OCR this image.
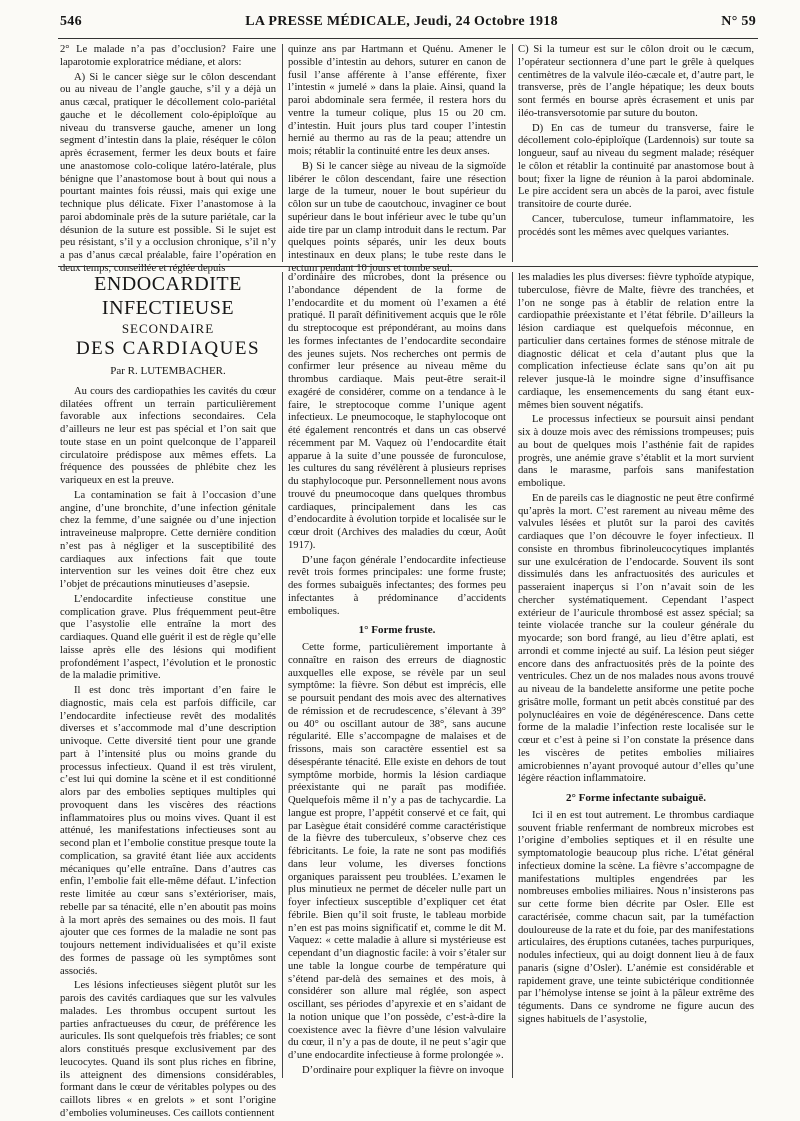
546	LA PRESSE MÉDICALE, Jeudi, 24 Octobre 1918	N° 59

2° Le malade n’a pas d’occlusion? Faire une laparotomie exploratrice médiane, et alors:

A) Si le cancer siège sur le côlon descendant ou au niveau de l’angle gauche, s’il y a déjà un anus cæcal, pratiquer le décollement colo-pariétal gauche et le décollement colo-épiploïque au niveau du transverse gauche, amener un long segment d’intestin dans la plaie, réséquer le côlon après écrasement, fermer les deux bouts et faire une anastomose colo-colique latéro-latérale, plus bénigne que l’anastomose bout à bout qui nous a pourtant maintes fois réussi, mais qui exige une technique plus délicate. Fixer l’anastomose à la paroi abdominale près de la suture pariétale, car la désunion de la suture est possible. Si le sujet est peu résistant, s’il y a occlusion chronique, s’il n’y a pas d’anus cæcal préalable, faire l’opération en deux temps, conseillée et réglée depuis

quinze ans par Hartmann et Quénu. Amener le possible d’intestin au dehors, suturer en canon de fusil l’anse afférente à l’anse efférente, fixer l’intestin « jumelé » dans la plaie. Ainsi, quand la paroi abdominale sera fermée, il restera hors du ventre la tumeur colique, plus 15 ou 20 cm. d’intestin. Huit jours plus tard couper l’intestin hernié au thermo au ras de la peau; attendre un mois; rétablir la continuité entre les deux anses.

B) Si le cancer siège au niveau de la sigmoïde libérer le côlon descendant, faire une résection large de la tumeur, nouer le bout supérieur du côlon sur un tube de caoutchouc, invaginer ce bout supérieur dans le bout inférieur avec le tube qu’un aide tire par un clamp introduit dans le rectum. Par quelques points séparés, unir les deux bouts intestinaux en deux plans; le tube reste dans le rectum pendant 10 jours et tombe seul.

C) Si la tumeur est sur le côlon droit ou le cæcum, l’opérateur sectionnera d’une part le grêle à quelques centimètres de la valvule iléo-cæcale et, d’autre part, le transverse, près de l’angle hépatique; les deux bouts sont fermés en bourse après écrasement et unis par iléo-transversotomie par suture du bouton.

D) En cas de tumeur du transverse, faire le décollement colo-épiploïque (Lardennois) sur toute sa longueur, sauf au niveau du segment malade; réséquer le côlon et rétablir la continuité par anastomose bout à bout; fixer la ligne de réunion à la paroi abdominale. Le pire accident sera un abcès de la paroi, avec fistule transitoire de courte durée.

Cancer, tuberculose, tumeur inflammatoire, les procédés sont les mêmes avec quelques variantes.

ENDOCARDITE INFECTIEUSE
SECONDAIRE
DES CARDIAQUES
Par R. LUTEMBACHER.

Au cours des cardiopathies les cavités du cœur dilatées offrent un terrain particulièrement favorable aux infections secondaires. Cela d’ailleurs ne leur est pas spécial et l’on sait que toute stase en un point quelconque de l’appareil circulatoire prédispose aux mêmes effets. La fréquence des poussées de phlébite chez les variqueux en est la preuve.

La contamination se fait à l’occasion d’une angine, d’une bronchite, d’une infection génitale chez la femme, d’une saignée ou d’une injection intraveineuse malpropre. Cette dernière condition n’est pas à négliger et la susceptibilité des cardiaques aux infections fait que toute intervention sur les veines doit être chez eux l’objet de précautions minutieuses d’asepsie.

L’endocardite infectieuse constitue une complication grave. Plus fréquemment peut-être que l’asystolie elle entraîne la mort des cardiaques. Quand elle guérit il est de règle qu’elle laisse après elle des lésions qui modifient profondément l’aspect, l’évolution et le pronostic de la maladie primitive.

Il est donc très important d’en faire le diagnostic, mais cela est parfois difficile, car l’endocardite infectieuse revêt des modalités diverses et s’accommode mal d’une description univoque. Cette diversité tient pour une grande part à l’intensité plus ou moins grande du processus infectieux. Quand il est très virulent, c’est lui qui domine la scène et il est conditionné alors par des embolies septiques multiples qui provoquent dans les viscères des réactions inflammatoires plus ou moins vives. Quant il est atténué, les manifestations infectieuses sont au second plan et l’embolie constitue presque toute la complication, sa gravité étant liée aux accidents mécaniques qu’elle entraîne. Dans d’autres cas enfin, l’embolie fait elle-même défaut. L’infection reste limitée au cœur sans s’extérioriser, mais, rebelle par sa ténacité, elle n’en aboutit pas moins à la mort après des semaines ou des mois. Il faut ajouter que ces formes de la maladie ne sont pas toujours nettement individualisées et qu’il existe des formes de passage où les symptômes sont associés.

Les lésions infectieuses siègent plutôt sur les parois des cavités cardiaques que sur les valvules malades. Les thrombus occupent surtout les parties anfractueuses du cœur, de préférence les auricules. Ils sont quelquefois très friables; ce sont alors constitués presque exclusivement par des leucocytes. Quand ils sont plus riches en fibrine, ils atteignent des dimensions considérables, formant dans le cœur de véritables polypes ou des caillots libres « en grelots » et sont l’origine d’embolies volumineuses. Ces caillots contiennent

d’ordinaire des microbes, dont la présence ou l’abondance dépendent de la forme de l’endocardite et du moment où l’examen a été pratiqué. Il paraît définitivement acquis que le rôle du streptocoque est prépondérant, au moins dans les formes infectantes de l’endocardite secondaire des jeunes sujets. Nos recherches ont permis de confirmer leur présence au niveau même du thrombus cardiaque. Mais peut-être serait-il exagéré de considérer, comme on a tendance à le faire, le streptocoque comme l’unique agent infectieux. Le pneumocoque, le staphylocoque ont été également rencontrés et dans un cas observé récemment par M. Vaquez où l’endocardite était apparue à la suite d’une poussée de furonculose, les cultures du sang révélèrent à plusieurs reprises du staphylocoque pur. Personnellement nous avons trouvé du pneumocoque dans quelques thrombus cardiaques, principalement dans les cas d’endocardite à évolution torpide et localisée sur le cœur droit (Archives des maladies du cœur, Août 1917).

D’une façon générale l’endocardite infectieuse revêt trois formes principales: une forme fruste; des formes subaiguës infectantes; des formes peu infectantes à prédominance d’accidents emboliques.

1° Forme fruste.

Cette forme, particulièrement importante à connaître en raison des erreurs de diagnostic auxquelles elle expose, se révèle par un seul symptôme: la fièvre. Son début est imprécis, elle se poursuit pendant des mois avec des alternatives de rémission et de recrudescence, s’élevant à 39° ou 40° ou oscillant autour de 38°, sans aucune régularité. Elle s’accompagne de malaises et de frissons, mais son caractère essentiel est sa désespérante ténacité. Elle existe en dehors de tout symptôme morbide, hormis la lésion cardiaque préexistante qui ne paraît pas modifiée. Quelquefois même il n’y a pas de tachycardie. La langue est propre, l’appétit conservé et ce fait, qui par Lasègue était considéré comme caractéristique de la fièvre des tuberculeux, s’observe chez ces fébricitants. Le foie, la rate ne sont pas modifiés dans leur volume, les diverses fonctions organiques paraissent peu troublées. L’examen le plus minutieux ne permet de déceler nulle part un foyer infectieux susceptible d’expliquer cet état fébrile. Bien qu’il soit fruste, le tableau morbide n’en est pas moins significatif et, comme le dit M. Vaquez: « cette maladie à allure si mystérieuse est cependant d’un diagnostic facile: à voir s’étaler sur une table la longue courbe de température qui s’étend par-delà des semaines et des mois, à considérer son allure mal réglée, son aspect oscillant, ses périodes d’apyrexie et en s’aidant de la notion unique que l’on possède, c’est-à-dire la coexistence avec la fièvre d’une lésion valvulaire du cœur, il n’y a pas de doute, il ne peut s’agir que d’une endocardite infectieuse à forme prolongée ».

D’ordinaire pour expliquer la fièvre on invoque

les maladies les plus diverses: fièvre typhoïde atypique, tuberculose, fièvre de Malte, fièvre des tranchées, et l’on ne songe pas à établir de relation entre la cardiopathie préexistante et l’état fébrile. D’ailleurs la lésion cardiaque est quelquefois méconnue, en particulier dans certaines formes de sténose mitrale de diagnostic délicat et cela d’autant plus que la complication infectieuse éclate sans qu’on ait pu relever jusque-là le moindre signe d’insuffisance cardiaque, les ensemencements du sang étant eux-mêmes bien souvent négatifs.

Le processus infectieux se poursuit ainsi pendant six à douze mois avec des rémissions trompeuses; puis au bout de quelques mois l’asthénie fait de rapides progrès, une anémie grave s’établit et la mort survient dans le marasme, parfois sans manifestation embolique.

En de pareils cas le diagnostic ne peut être confirmé qu’après la mort. C’est rarement au niveau même des valvules lésées et plutôt sur la paroi des cavités cardiaques que l’on découvre le foyer infectieux. Il consiste en thrombus fibrinoleucocytiques implantés sur une exulcération de l’endocarde. Souvent ils sont dissimulés dans les anfractuosités des auricules et passeraient inaperçus si l’on n’avait soin de les chercher systématiquement. Cependant l’aspect extérieur de l’auricule thrombosé est assez spécial; sa teinte violacée tranche sur la couleur générale du myocarde; son bord frangé, au lieu d’être aplati, est arrondi et comme injecté au suif. La lésion peut siéger encore dans des anfractuosités près de la pointe des ventricules. Chez un de nos malades nous avons trouvé au niveau de la bandelette ansiforme une petite poche grisâtre molle, formant un petit abcès constitué par des polynucléaires en voie de dégénérescence. Dans cette forme de la maladie l’infection reste localisée sur le cœur et c’est à peine si l’on constate la présence dans les viscères de petites embolies miliaires amicrobiennes n’ayant provoqué autour d’elles qu’une légère réaction inflammatoire.

2° Forme infectante subaiguë.

Ici il en est tout autrement. Le thrombus cardiaque souvent friable renfermant de nombreux microbes est l’origine d’embolies septiques et il en résulte une symptomatologie beaucoup plus riche. L’état général infectieux domine la scène. La fièvre s’accompagne de manifestations multiples engendrées par les nombreuses embolies miliaires. Nous n’insisterons pas sur cette forme bien décrite par Osler. Elle est caractérisée, comme chacun sait, par la tuméfaction douloureuse de la rate et du foie, par des manifestations articulaires, des éruptions cutanées, taches purpuriques, nodules infectieux, qui au doigt donnent lieu à de faux panaris (signe d’Osler). L’anémie est considérable et rapidement grave, une teinte subictérique conditionnée par l’hémolyse intense se joint à la pâleur extrême des téguments. Dans ce syndrome ne figure aucun des signes habituels de l’asystolie,
